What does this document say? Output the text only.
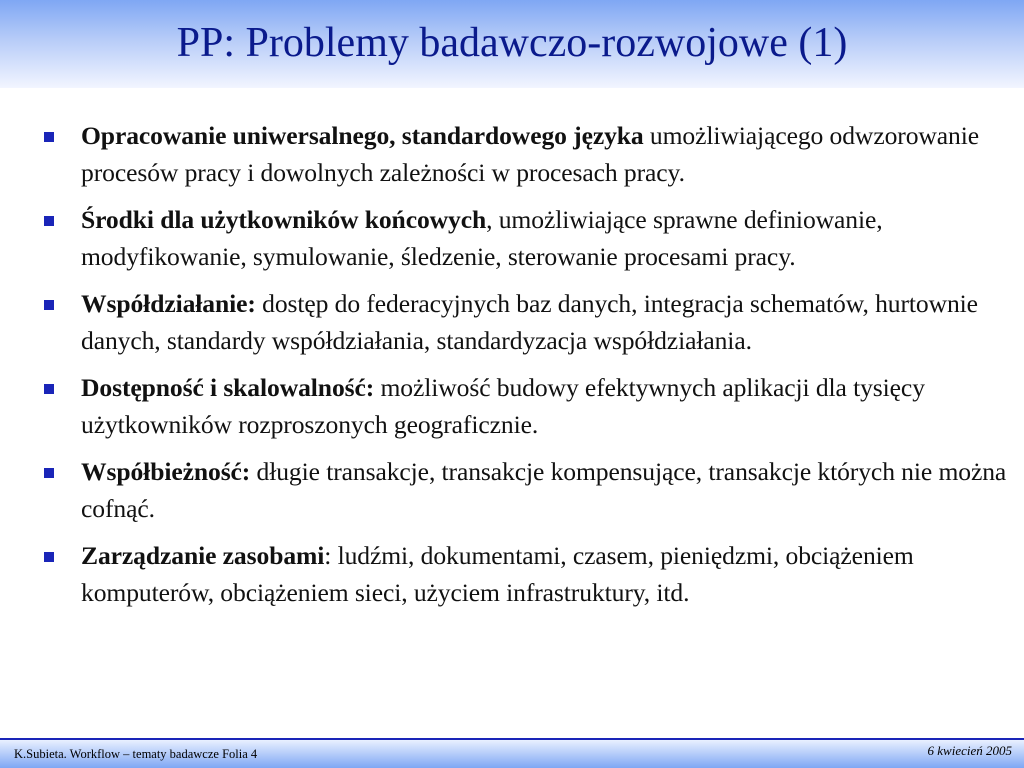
PP: Problemy badawczo-rozwojowe (1)
Opracowanie uniwersalnego, standardowego języka umożliwiającego odwzorowanie procesów pracy i dowolnych zależności w procesach pracy.
Środki dla użytkowników końcowych, umożliwiające sprawne definiowanie, modyfikowanie, symulowanie, śledzenie, sterowanie procesami pracy.
Współdziałanie: dostęp do federacyjnych baz danych, integracja schematów, hurtownie danych, standardy współdziałania, standardyzacja współdziałania.
Dostępność i skalowalność: możliwość budowy efektywnych aplikacji dla tysięcy użytkowników rozproszonych geograficznie.
Współbieżność: długie transakcje, transakcje kompensujące, transakcje których nie można cofnąć.
Zarządzanie zasobami: ludźmi, dokumentami, czasem, pieniędzmi, obciążeniem komputerów, obciążeniem sieci, użyciem infrastruktury, itd.
K.Subieta. Workflow – tematy badawcze Folia 4	6 kwiecień 2005
